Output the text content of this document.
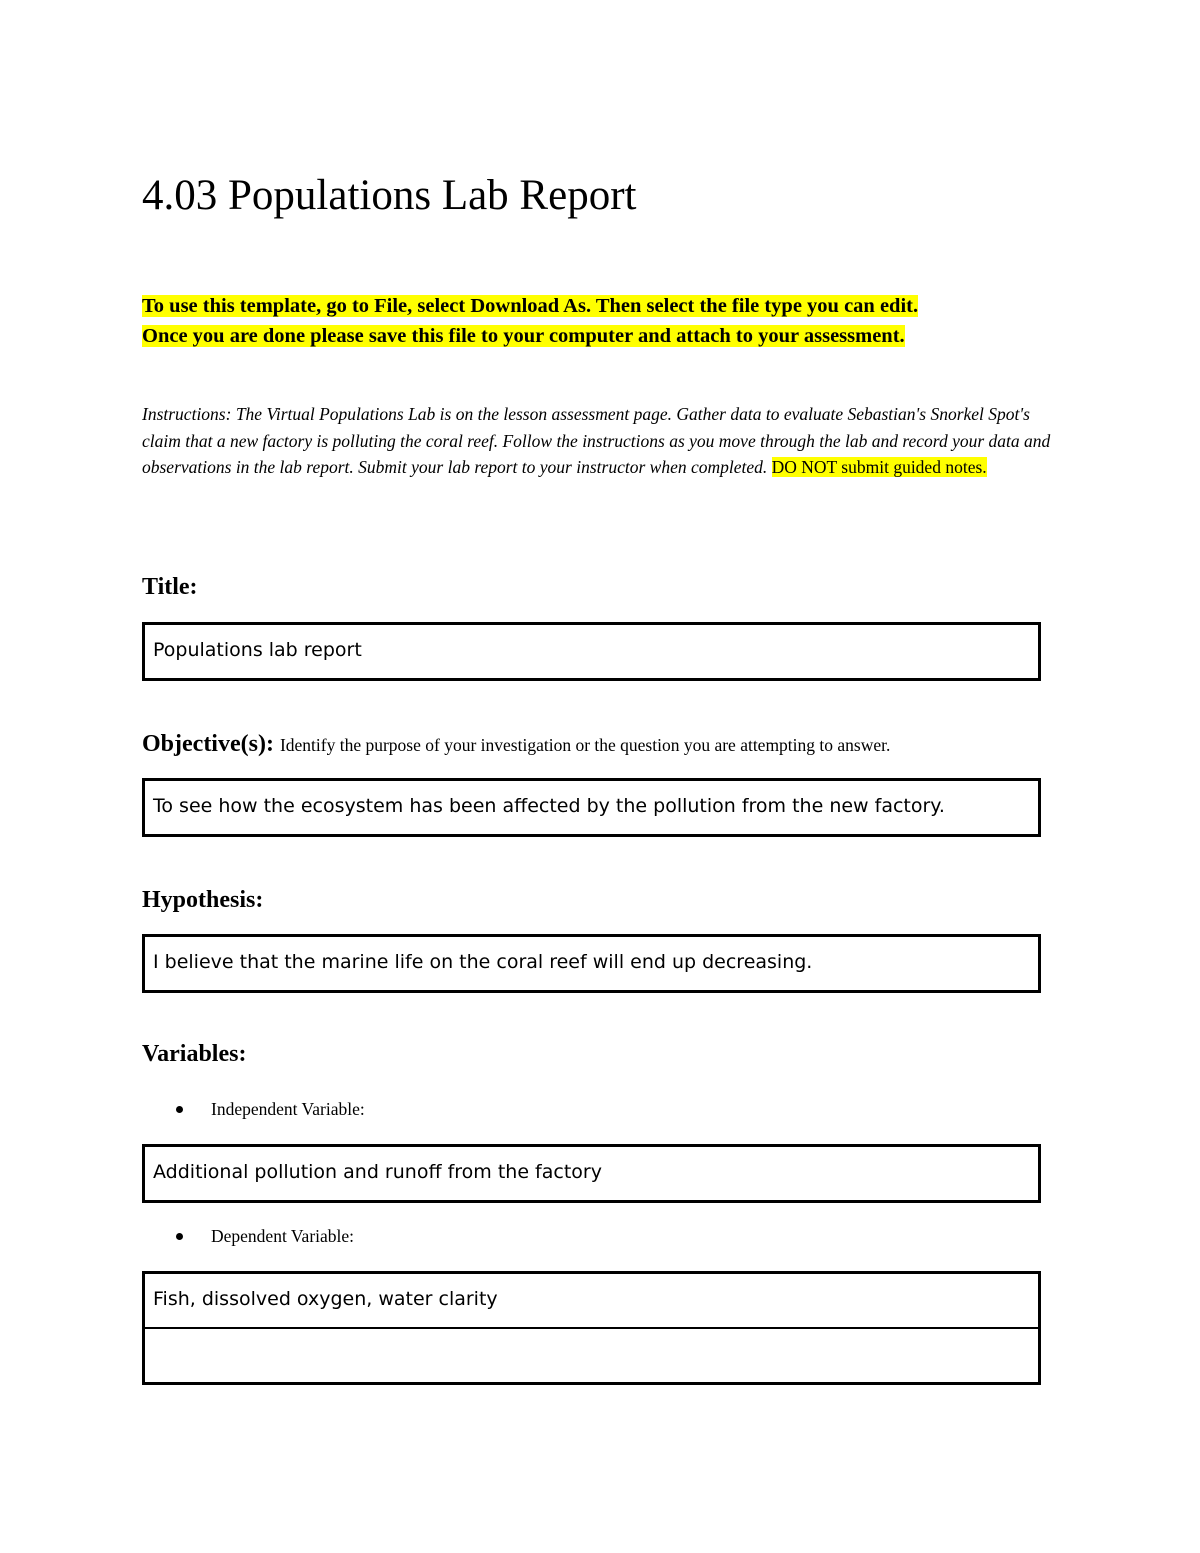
4.03 Populations Lab Report

To use this template, go to File, select Download As. Then select the file type you can edit.
Once you are done please save this file to your computer and attach to your assessment.

Instructions: The Virtual Populations Lab is on the lesson assessment page. Gather data to evaluate Sebastian's Snorkel Spot's claim that a new factory is polluting the coral reef. Follow the instructions as you move through the lab and record your data and observations in the lab report. Submit your lab report to your instructor when completed. DO NOT submit guided notes.

Title:
Populations lab report
Objective(s): Identify the purpose of your investigation or the question you are attempting to answer.
To see how the ecosystem has been affected by the pollution from the new factory.
Hypothesis:
I believe that the marine life on the coral reef will end up decreasing.
Variables:

Independent Variable:

Additional pollution and runoff from the factory

Dependent Variable:

Fish, dissolved oxygen, water clarity
